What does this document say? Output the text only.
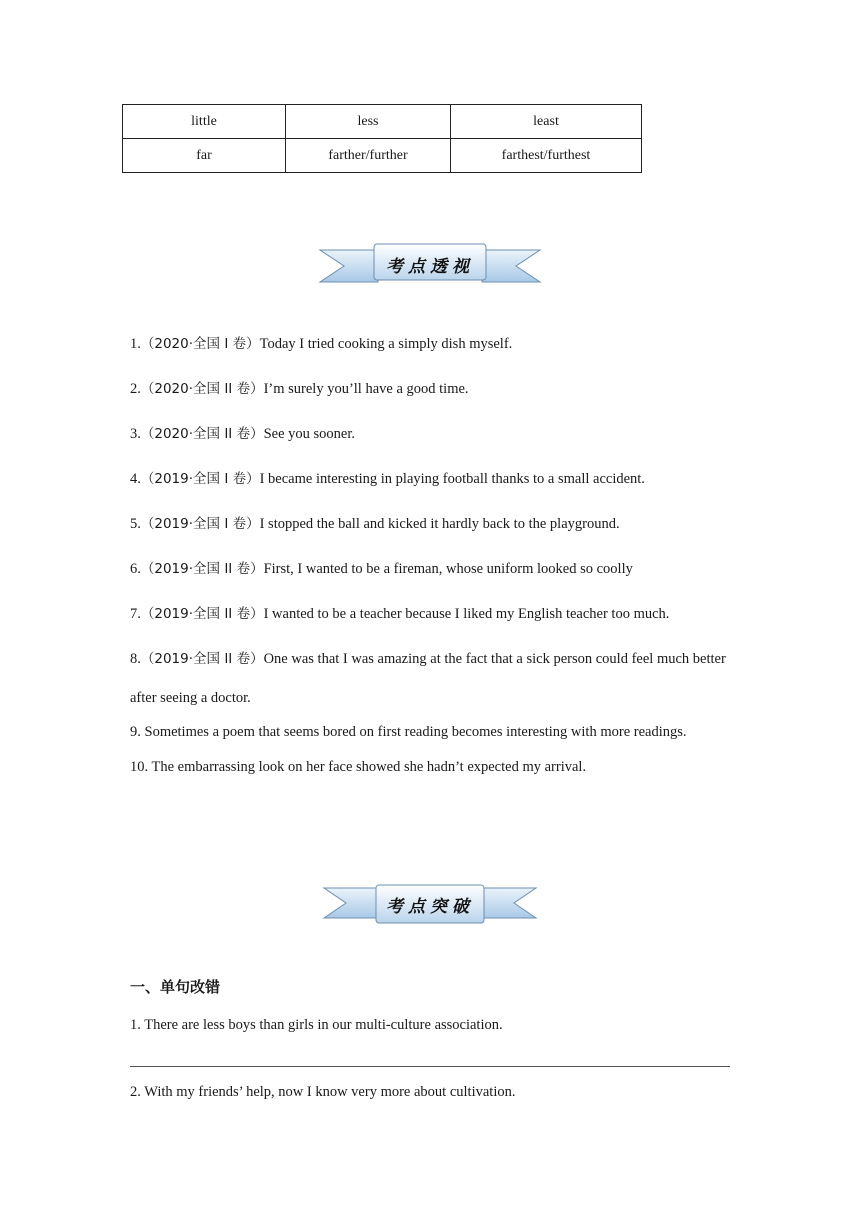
little	less	least
far	farther/further	farthest/furthest
考点透视
1.（2020·全国 I 卷）Today I tried cooking a simply dish myself.
2.（2020·全国 II 卷）I’m surely you’ll have a good time.
3.（2020·全国 II 卷）See you sooner.
4.（2019·全国 I 卷）I became interesting in playing football thanks to a small accident.
5.（2019·全国 I 卷）I stopped the ball and kicked it hardly back to the playground.
6.（2019·全国 II 卷）First, I wanted to be a fireman, whose uniform looked so coolly
7.（2019·全国 II 卷）I wanted to be a teacher because I liked my English teacher too much.
8.（2019·全国 II 卷）One was that I was amazing at the fact that a sick person could feel much better after seeing a doctor.
9. Sometimes a poem that seems bored on first reading becomes interesting with more readings.
10. The embarrassing look on her face showed she hadn’t expected my arrival.
考点突破
一、单句改错
1. There are less boys than girls in our multi-culture association.
2. With my friends’ help, now I know very more about cultivation.
